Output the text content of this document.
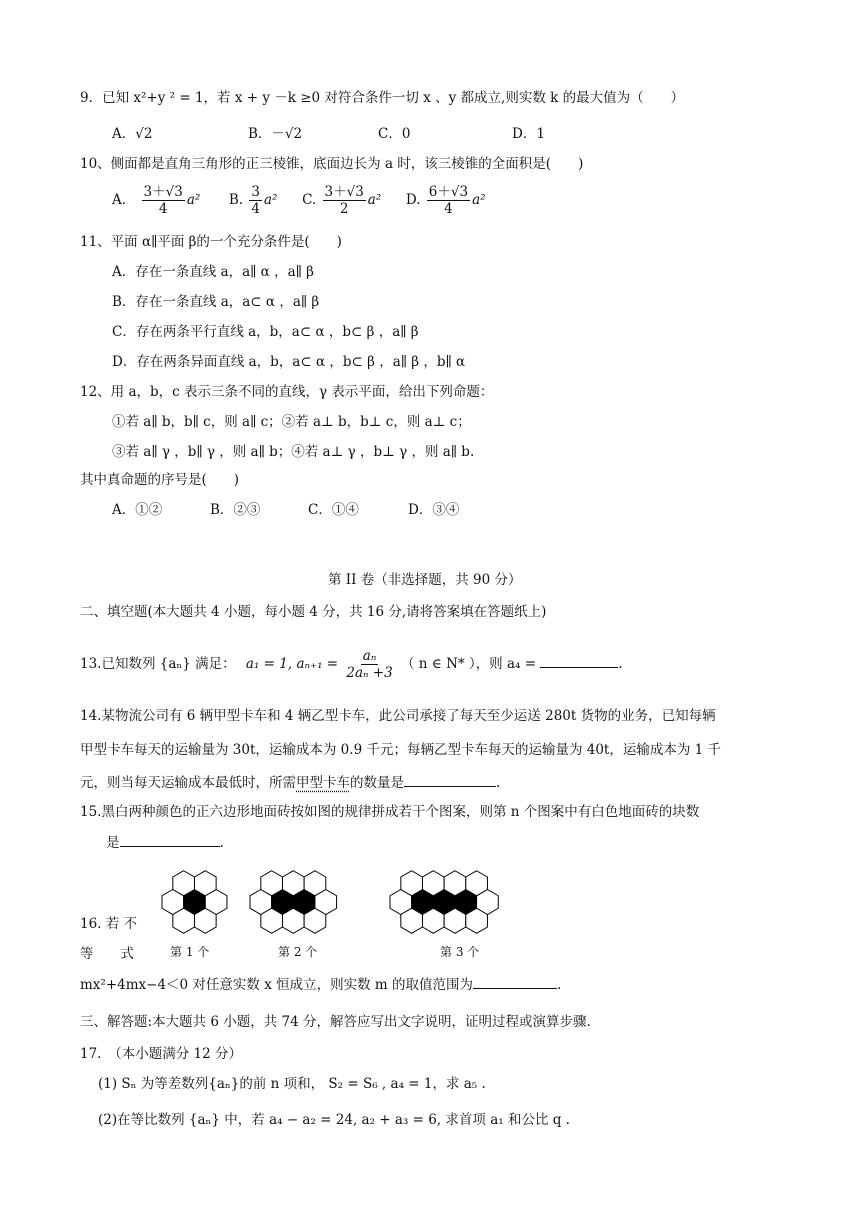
9．已知 x²+y ² = 1，若 x + y －k ≥0 对符合条件一切 x 、y 都成立,则实数 k 的最大值为（　　）
A．√2	B．－√2	C．0	D．1
10、侧面都是直角三角形的正三棱锥，底面边长为 a 时，该三棱锥的全面积是(　　)
A． $\frac{3+√3}{4} a^2$ B. $\frac{3}{4} a^2$ C. $\frac{3+√3}{2} a^2$ D. $\frac{6+√3}{4} a^2$
11、平面 α∥平面 β的一个充分条件是(　　)
A．存在一条直线 a，a∥ α ，a∥ β
B．存在一条直线 a，a⊂ α ，a∥ β
C．存在两条平行直线 a，b，a⊂ α ，b⊂ β ，a∥ β
D．存在两条异面直线 a，b，a⊂ α ，b⊂ β ，a∥ β ，b∥ α
12、用 a，b，c 表示三条不同的直线，γ 表示平面，给出下列命题：
①若 a∥ b，b∥ c，则 a∥ c；②若 a⊥ b，b⊥ c，则 a⊥ c；
③若 a∥ γ ，b∥ γ ，则 a∥ b；④若 a⊥ γ ，b⊥ γ ，则 a∥ b.
其中真命题的序号是(　　)
A．①②	B．②③	C．①④	D．③④
第 II 卷（非选择题，共 90 分）
二、填空题(本大题共 4 小题，每小题 4 分，共 16 分,请将答案填在答题纸上)
13.已知数列 {aₙ} 满足： a₁ = 1, $a_{n+1} = \frac{\text{aₙ}}{\text{2aₙ +3}}$ （ n ∈ N* ），则 a₄ =	.
14.某物流公司有 6 辆甲型卡车和 4 辆乙型卡车，此公司承接了每天至少运送 280t 货物的业务，已知每辆
甲型卡车每天的运输量为 30t，运输成本为 0.9 千元；每辆乙型卡车每天的运输量为 40t，运输成本为 1 千
元，则当每天运输成本最低时，所需甲型卡车的数量是	.
15.黑白两种颜色的正六边形地面砖按如图的规律拼成若干个图案，则第 n 个图案中有白色地面砖的块数
是	.
第 1 个	第 2 个	第 3 个
16. 若 不
等　　式
mx²+4mx−4＜0 对任意实数 x 恒成立，则实数 m 的取值范围为	.
三、解答题:本大题共 6 小题，共 74 分，解答应写出文字说明，证明过程或演算步骤.
17.　（本小题满分 12 分）
(1) Sₙ 为等差数列{aₙ}的前 n 项和， S₂ = S₆ , a₄ = 1，求 a₅ .
(2)在等比数列 {aₙ} 中，若 a₄ − a₂ = 24, a₂ + a₃ = 6, 求首项 a₁ 和公比 q .
